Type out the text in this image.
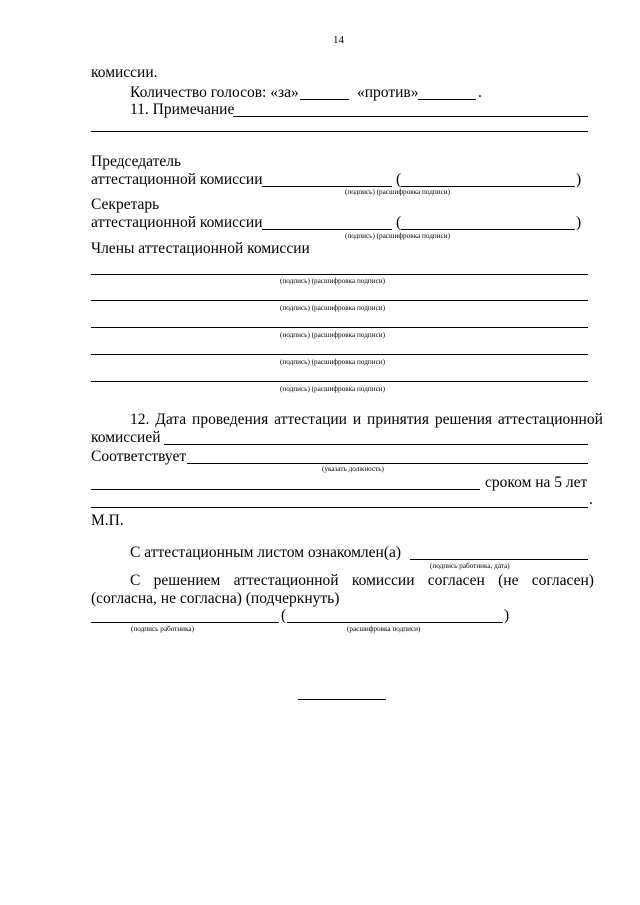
14
комиссии.
Количество голосов: «за»	«против»	.
11. Примечание
Председатель
аттестационной комиссии	(	)
(подпись) (расшифровка подписи)
Секретарь
аттестационной комиссии	(	)
(подпись) (расшифровка подписи)
Члены аттестационной комиссии
(подпись) (расшифровка подписи)
(подпись) (расшифровка подписи)
(подпись) (расшифровка подписи)
(подпись) (расшифровка подписи)
(подпись) (расшифровка подписи)
12. Дата проведения аттестации и принятия решения аттестационной
комиссией
Соответствует
(указать должность)
сроком на 5 лет
.
М.П.
С аттестационным листом ознакомлен(а)
(подпись работника, дата)
С решением аттестационной комиссии согласен (не согласен)
(согласна, не согласна) (подчеркнуть)
(	)
(подпись работника)	(расшифровка подписи)
